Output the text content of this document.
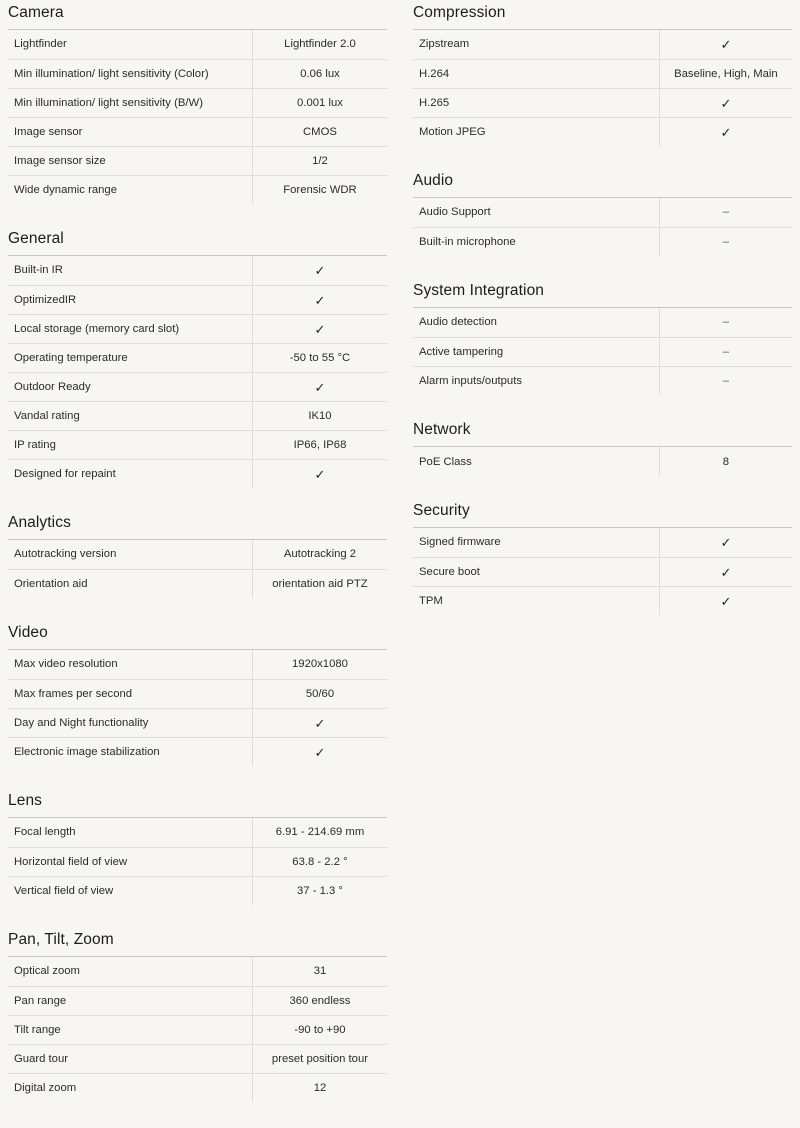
Camera
Lightfinder	Lightfinder 2.0
Min illumination/ light sensitivity (Color)	0.06 lux
Min illumination/ light sensitivity (B/W)	0.001 lux
Image sensor	CMOS
Image sensor size	1/2
Wide dynamic range	Forensic WDR
General
Built-in IR	✓
OptimizedIR	✓
Local storage (memory card slot)	✓
Operating temperature	-50 to 55 °C
Outdoor Ready	✓
Vandal rating	IK10
IP rating	IP66, IP68
Designed for repaint	✓
Analytics
Autotracking version	Autotracking 2
Orientation aid	orientation aid PTZ
Video
Max video resolution	1920x1080
Max frames per second	50/60
Day and Night functionality	✓
Electronic image stabilization	✓
Lens
Focal length	6.91 - 214.69 mm
Horizontal field of view	63.8 - 2.2 °
Vertical field of view	37 - 1.3 °
Pan, Tilt, Zoom
Optical zoom	31
Pan range	360 endless
Tilt range	-90 to +90
Guard tour	preset position tour
Digital zoom	12
Compression
Zipstream	✓
H.264	Baseline, High, Main
H.265	✓
Motion JPEG	✓
Audio
Audio Support	–
Built-in microphone	–
System Integration
Audio detection	–
Active tampering	–
Alarm inputs/outputs	–
Network
PoE Class	8
Security
Signed firmware	✓
Secure boot	✓
TPM	✓
